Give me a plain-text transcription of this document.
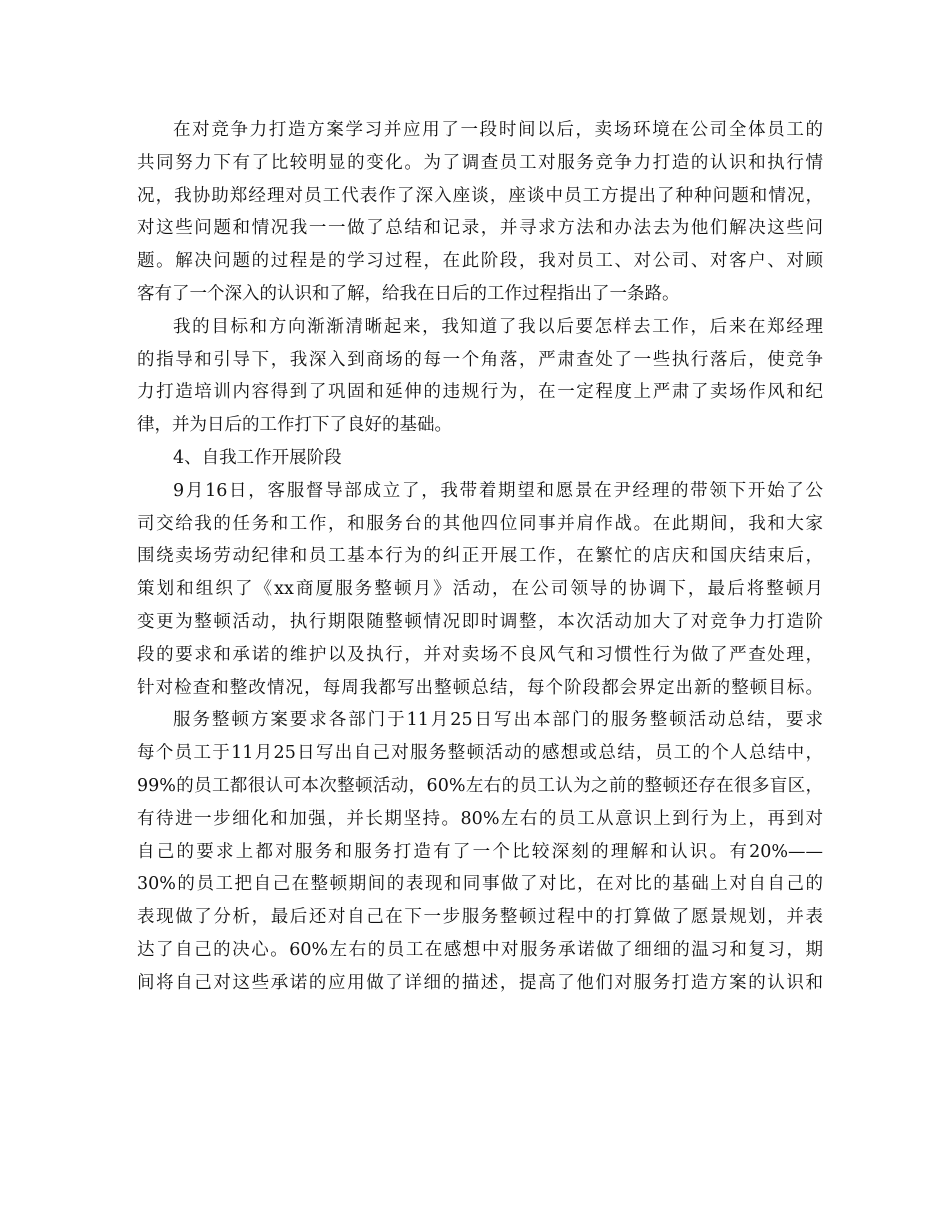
在对竞争力打造方案学习并应用了一段时间以后，卖场环境在公司全体员工的
共同努力下有了比较明显的变化。为了调查员工对服务竞争力打造的认识和执行情
况，我协助郑经理对员工代表作了深入座谈，座谈中员工方提出了种种问题和情况，
对这些问题和情况我一一做了总结和记录，并寻求方法和办法去为他们解决这些问
题。解决问题的过程是的学习过程，在此阶段，我对员工、对公司、对客户、对顾
客有了一个深入的认识和了解，给我在日后的工作过程指出了一条路。
我的目标和方向渐渐清晰起来，我知道了我以后要怎样去工作，后来在郑经理
的指导和引导下，我深入到商场的每一个角落，严肃查处了一些执行落后，使竞争
力打造培训内容得到了巩固和延伸的违规行为，在一定程度上严肃了卖场作风和纪
律，并为日后的工作打下了良好的基础。
4、自我工作开展阶段
9月16日，客服督导部成立了，我带着期望和愿景在尹经理的带领下开始了公
司交给我的任务和工作，和服务台的其他四位同事并肩作战。在此期间，我和大家
围绕卖场劳动纪律和员工基本行为的纠正开展工作，在繁忙的店庆和国庆结束后，
策划和组织了《xx商厦服务整顿月》活动，在公司领导的协调下，最后将整顿月
变更为整顿活动，执行期限随整顿情况即时调整，本次活动加大了对竞争力打造阶
段的要求和承诺的维护以及执行，并对卖场不良风气和习惯性行为做了严查处理，
针对检查和整改情况，每周我都写出整顿总结，每个阶段都会界定出新的整顿目标。
服务整顿方案要求各部门于11月25日写出本部门的服务整顿活动总结，要求
每个员工于11月25日写出自己对服务整顿活动的感想或总结，员工的个人总结中，
99%的员工都很认可本次整顿活动，60%左右的员工认为之前的整顿还存在很多盲区，
有待进一步细化和加强，并长期坚持。80%左右的员工从意识上到行为上，再到对
自己的要求上都对服务和服务打造有了一个比较深刻的理解和认识。有20%——
30%的员工把自己在整顿期间的表现和同事做了对比，在对比的基础上对自自己的
表现做了分析，最后还对自己在下一步服务整顿过程中的打算做了愿景规划，并表
达了自己的决心。60%左右的员工在感想中对服务承诺做了细细的温习和复习，期
间将自己对这些承诺的应用做了详细的描述，提高了他们对服务打造方案的认识和
